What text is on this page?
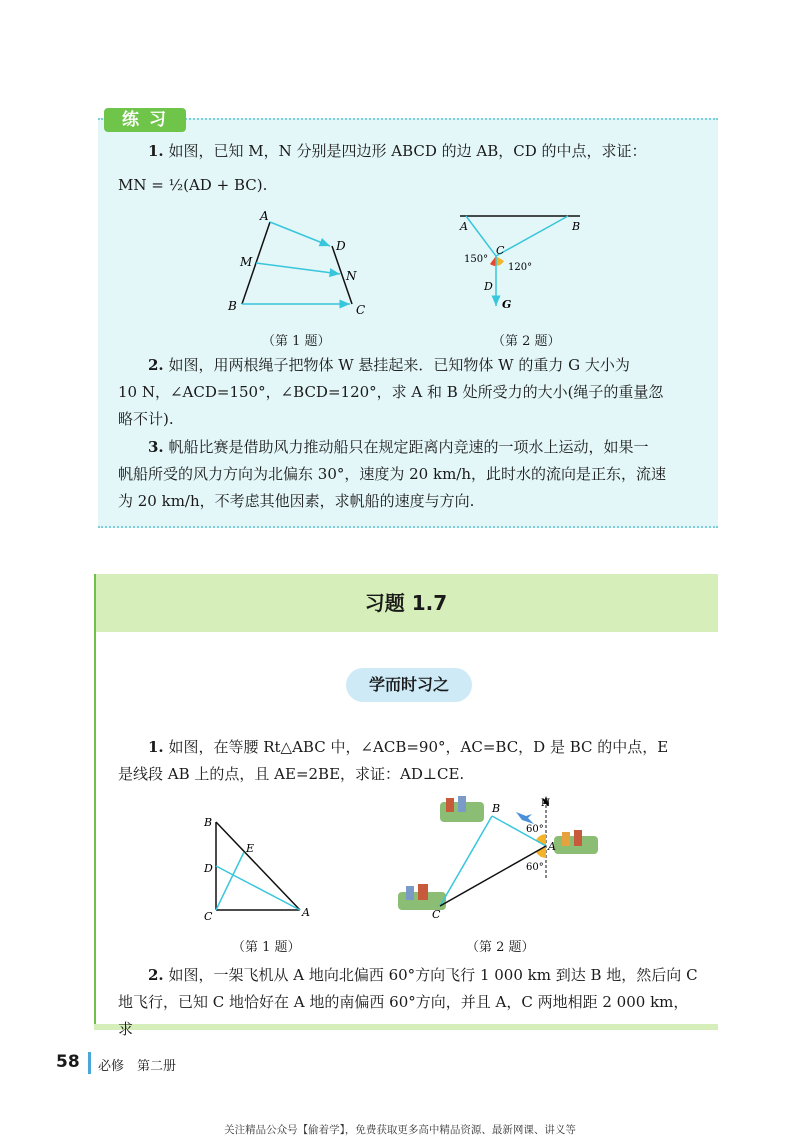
练 习
1. 如图，已知 M，N 分别是四边形 ABCD 的边 AB，CD 的中点，求证：
MN = ½(AD + BC).
A
M
B
D
N
C
（第 1 题）
A	B
C
D
G
150°
120°
（第 2 题）
2. 如图，用两根绳子把物体 W 悬挂起来．已知物体 W 的重力 G 大小为
10 N，∠ACD=150°，∠BCD=120°，求 A 和 B 处所受力的大小(绳子的重量忽
略不计).
3. 帆船比赛是借助风力推动船只在规定距离内竞速的一项水上运动，如果一
帆船所受的风力方向为北偏东 30°，速度为 20 km/h，此时水的流向是正东，流速
为 20 km/h，不考虑其他因素，求帆船的速度与方向.
习题 1.7
学而时习之
1. 如图，在等腰 Rt△ABC 中，∠ACB=90°，AC=BC，D 是 BC 的中点，E
是线段 AB 上的点，且 AE=2BE，求证：AD⊥CE.
B
D
C
E
A
（第 1 题）
B
A
C
N
60°
60°
（第 2 题）
2. 如图，一架飞机从 A 地向北偏西 60°方向飞行 1 000 km 到达 B 地，然后向 C
地飞行，已知 C 地恰好在 A 地的南偏西 60°方向，并且 A，C 两地相距 2 000 km，求
58 必修　第二册
关注精品公众号【偷着学】，免费获取更多高中精品资源、最新网课、讲义等
